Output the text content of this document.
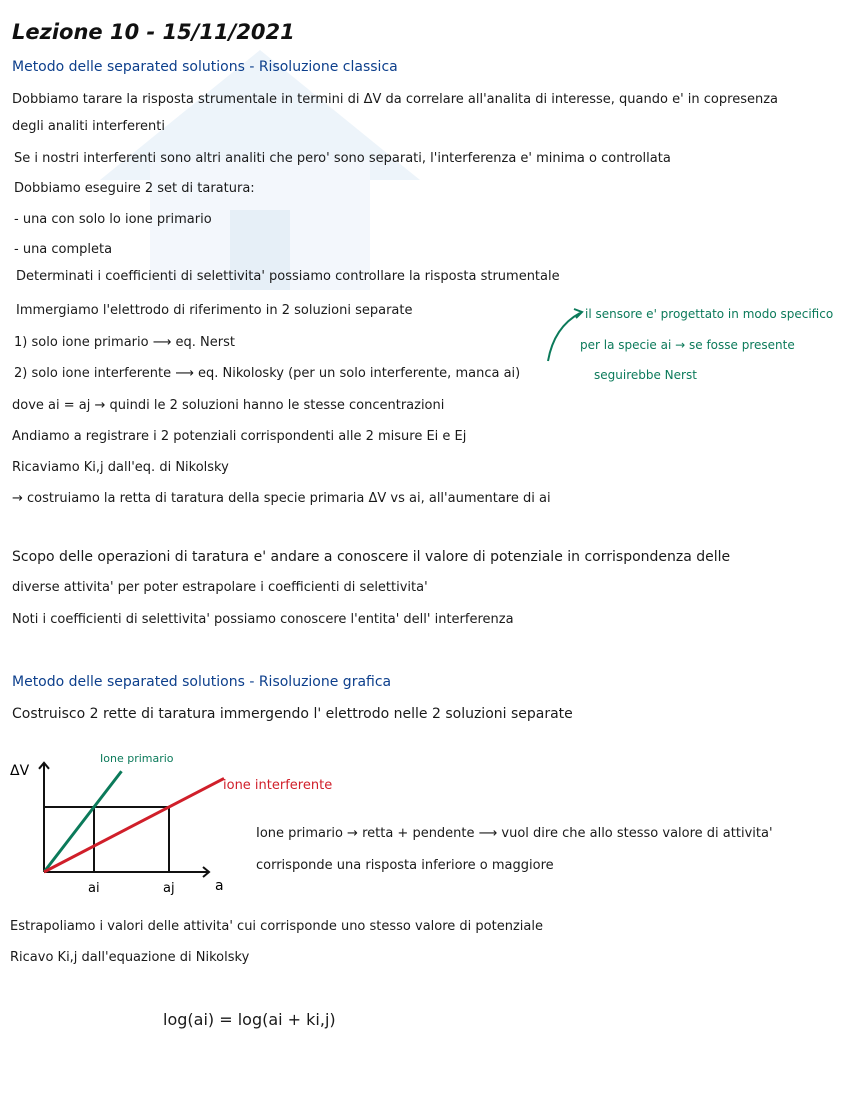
Lezione 10 - 15/11/2021
Metodo delle separated solutions - Risoluzione classica
Dobbiamo tarare la risposta strumentale in termini di ΔV da correlare all'analita di interesse, quando e' in copresenza
degli analiti interferenti
Se i nostri interferenti sono altri analiti che pero' sono separati, l'interferenza e' minima o controllata
Dobbiamo eseguire 2 set di taratura:
- una con solo lo ione primario
- una completa
Determinati i coefficienti di selettivita' possiamo controllare la risposta strumentale
Immergiamo l'elettrodo di riferimento in 2 soluzioni separate
1) solo ione primario ⟶ eq. Nerst
2) solo ione interferente ⟶ eq. Nikolosky (per un solo interferente, manca ai)
dove ai = aj → quindi le 2 soluzioni hanno le stesse concentrazioni
Andiamo a registrare i 2 potenziali corrispondenti alle 2 misure Ei e Ej
Ricaviamo Ki,j dall'eq. di Nikolsky
→ costruiamo la retta di taratura della specie primaria ΔV vs ai, all'aumentare di ai
il sensore e' progettato in modo specifico
per la specie ai → se fosse presente
seguirebbe Nerst
Scopo delle operazioni di taratura e' andare a conoscere il valore di potenziale in corrispondenza delle
diverse attivita' per poter estrapolare i coefficienti di selettivita'
Noti i coefficienti di selettivita' possiamo conoscere l'entita' dell' interferenza
Metodo delle separated solutions - Risoluzione grafica
Costruisco 2 rette di taratura immergendo l' elettrodo nelle 2 soluzioni separate
a
ΔV
ai	aj
Ione primario
ione interferente
Ione primario → retta + pendente ⟶ vuol dire che allo stesso valore di attivita'
corrisponde una risposta inferiore o maggiore
Estrapoliamo i valori delle attivita' cui corrisponde uno stesso valore di potenziale
Ricavo Ki,j dall'equazione di Nikolsky
log(ai) = log(ai + ki,j)
